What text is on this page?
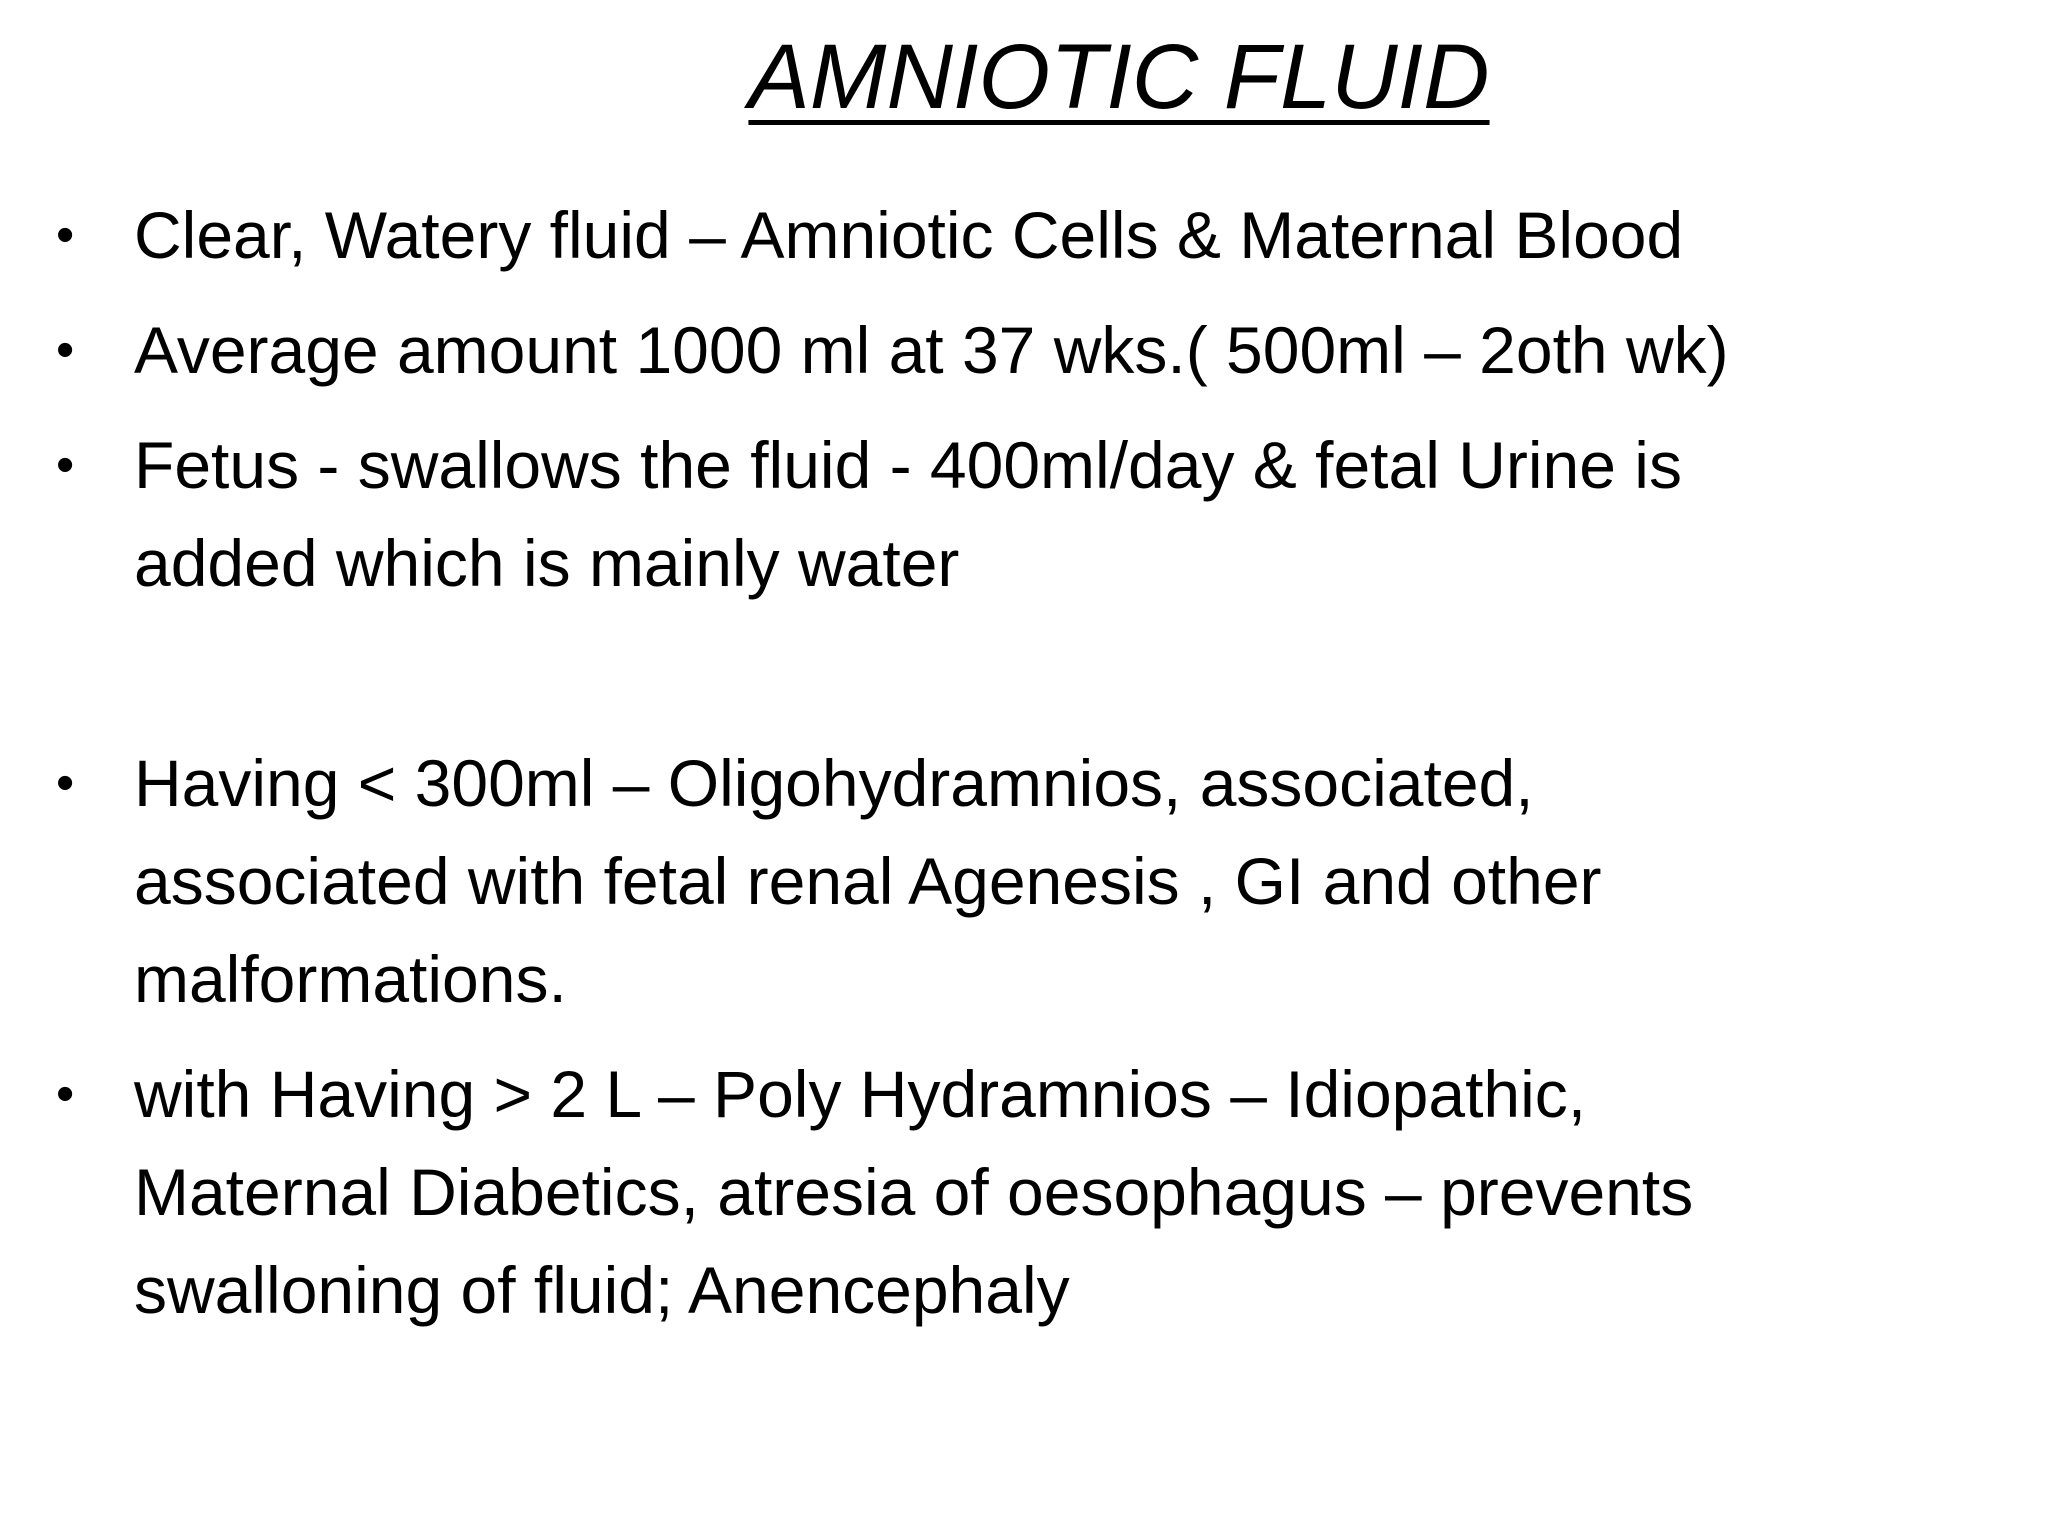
AMNIOTIC FLUID
• Clear, Watery fluid – Amniotic Cells & Maternal Blood
• Average amount 1000 ml at 37 wks.( 500ml – 2oth wk)
• Fetus - swallows the fluid - 400ml/day & fetal Urine is
added which is mainly water
• Having < 300ml – Oligohydramnios, associated,
associated with fetal renal Agenesis , GI and other
malformations.
• with Having > 2 L – Poly Hydramnios – Idiopathic,
Maternal Diabetics, atresia of oesophagus – prevents
swalloning of fluid; Anencephaly
